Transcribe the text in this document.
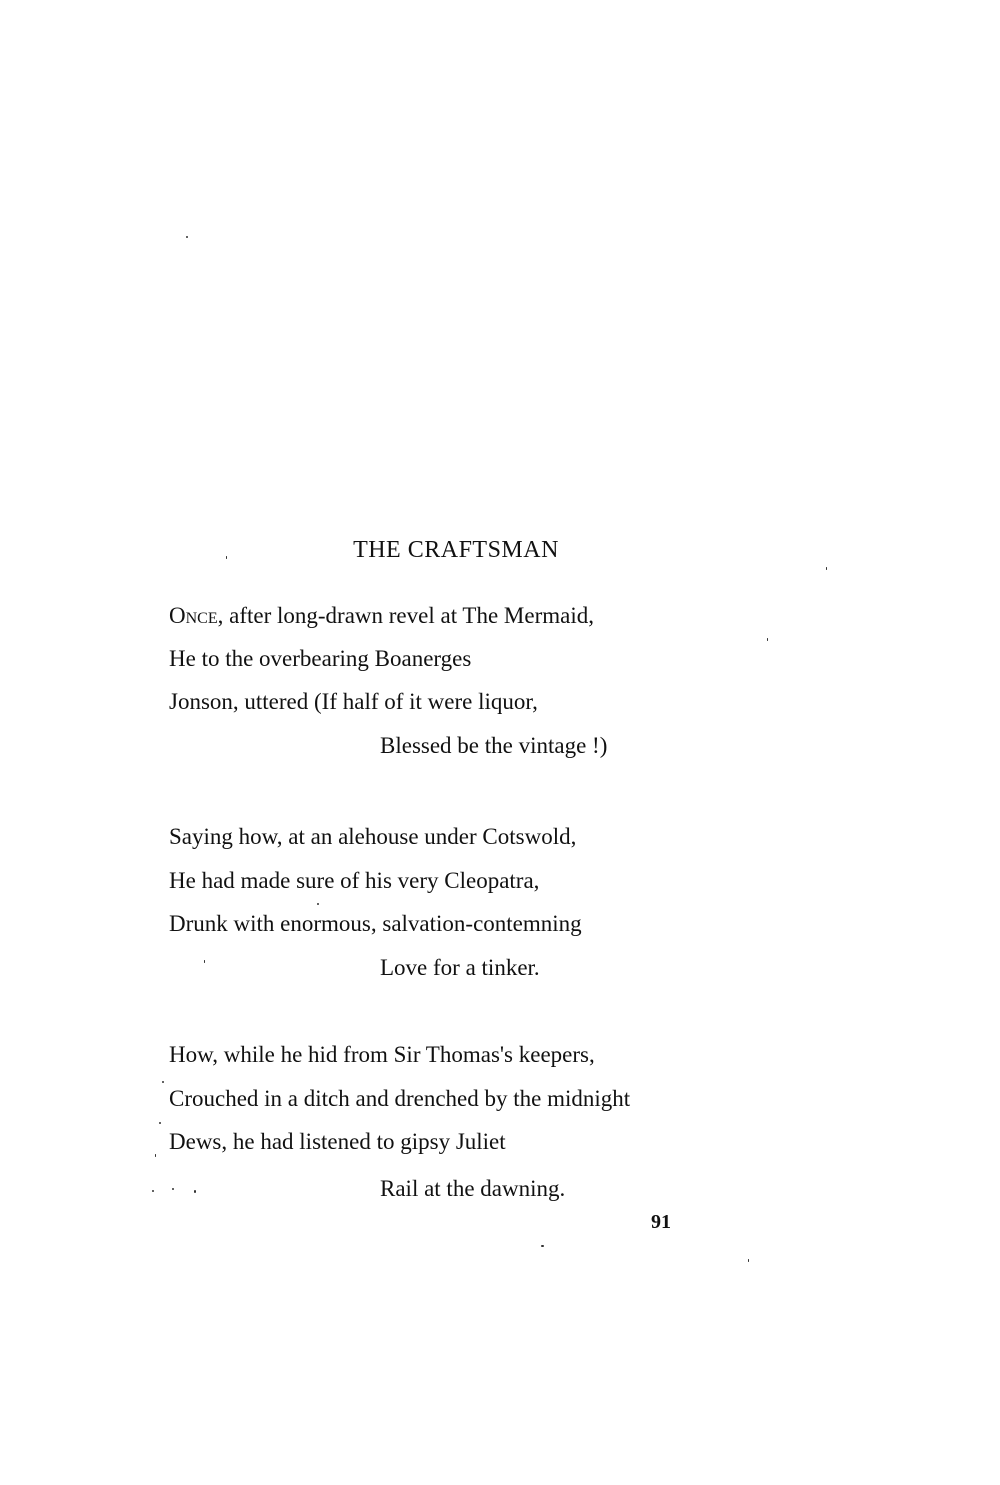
THE CRAFTSMAN

Once, after long-drawn revel at The Mermaid,

He to the overbearing Boanerges

Jonson, uttered (If half of it were liquor,

Blessed be the vintage !)

Saying how, at an alehouse under Cotswold,

He had made sure of his very Cleopatra,

Drunk with enormous, salvation-contemning

Love for a tinker.

How, while he hid from Sir Thomas's keepers,

Crouched in a ditch and drenched by the midnight

Dews, he had listened to gipsy Juliet

Rail at the dawning.

91
